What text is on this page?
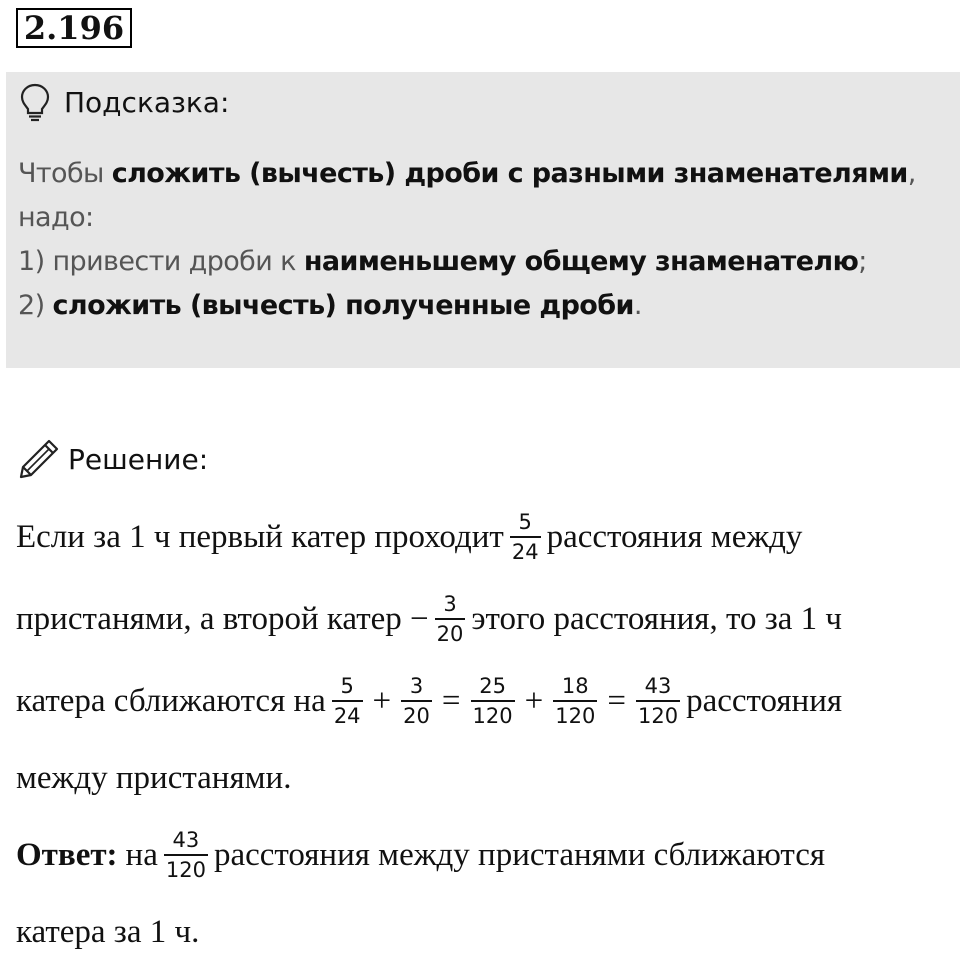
2.196
Подсказка:
Чтобы сложить (вычесть) дроби с разными знаменателями,
надо:
1) привести дроби к наименьшему общему знаменателю;
2) сложить (вычесть) полученные дроби.
Решение:
Если за 1 ч первый катер проходит $\frac{5}{24}$ расстояния между
пристанями, а второй катер − $\frac{3}{20}$ этого расстояния, то за 1 ч
катера сближаются на $\frac{5}{24} + \frac{3}{20} = \frac{25}{120} + \frac{18}{120} = \frac{43}{120}$ расстояния
между пристанями.
Ответ: на $\frac{43}{120}$ расстояния между пристанями сближаются
катера за 1 ч.
